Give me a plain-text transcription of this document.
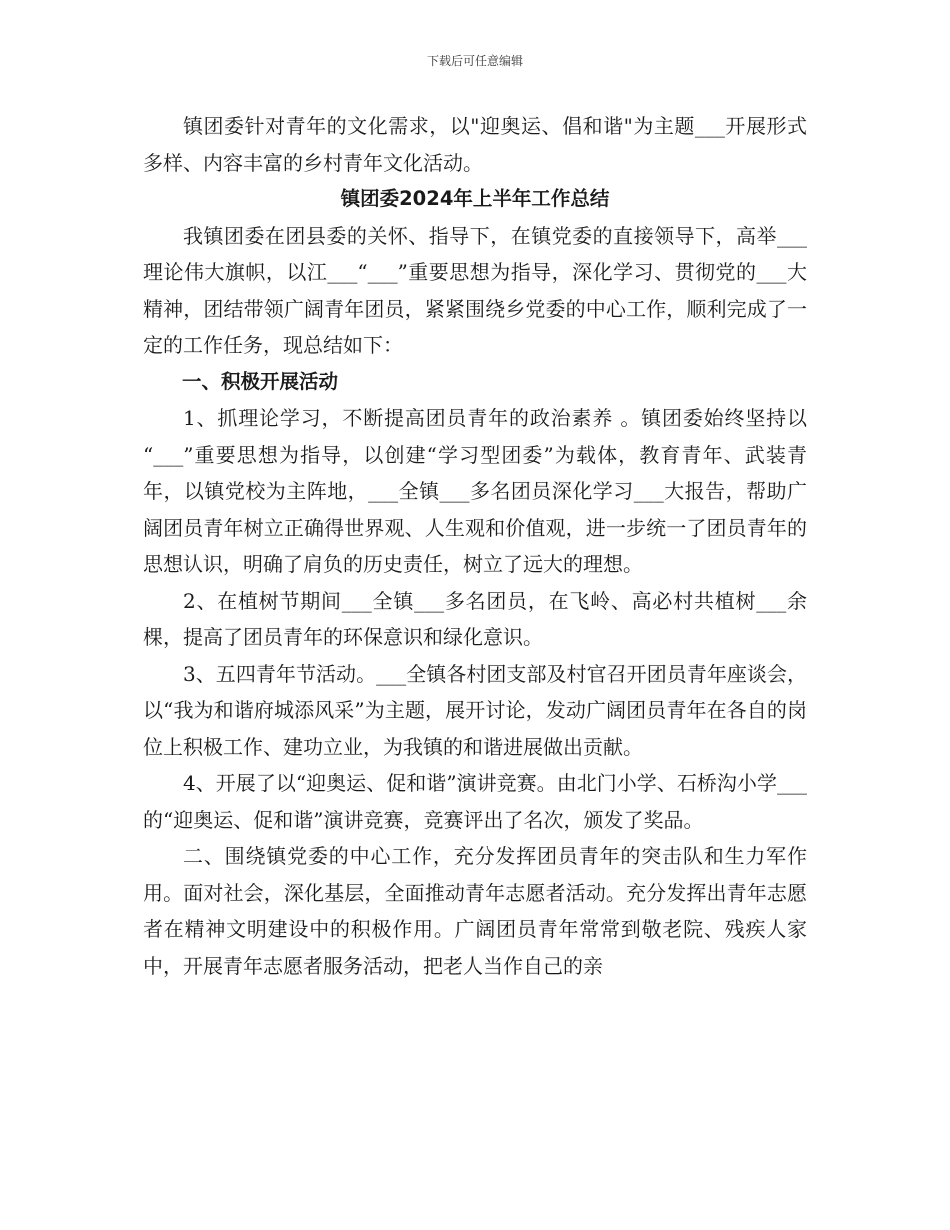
下载后可任意编辑

镇团委针对青年的文化需求，以"迎奥运、倡和谐"为主题___开展形式多样、内容丰富的乡村青年文化活动。

镇团委2024年上半年工作总结

我镇团委在团县委的关怀、指导下，在镇党委的直接领导下，高举___理论伟大旗帜，以江___“___”重要思想为指导，深化学习、贯彻党的___大精神，团结带领广阔青年团员，紧紧围绕乡党委的中心工作，顺利完成了一定的工作任务，现总结如下：

一、积极开展活动

1、抓理论学习，不断提高团员青年的政治素养 。镇团委始终坚持以 “___”重要思想为指导，以创建“学习型团委”为载体，教育青年、武装青年，以镇党校为主阵地，___全镇___多名团员深化学习___大报告，帮助广阔团员青年树立正确得世界观、人生观和价值观，进一步统一了团员青年的思想认识，明确了肩负的历史责任，树立了远大的理想。

2、在植树节期间___全镇___多名团员，在飞岭、高必村共植树___余棵，提高了团员青年的环保意识和绿化意识。

3、五四青年节活动。___全镇各村团支部及村官召开团员青年座谈会，以“我为和谐府城添风采”为主题，展开讨论，发动广阔团员青年在各自的岗位上积极工作、建功立业，为我镇的和谐进展做出贡献。

4、开展了以“迎奥运、促和谐”演讲竞赛。由北门小学、石桥沟小学___的“迎奥运、促和谐”演讲竞赛，竞赛评出了名次，颁发了奖品。

二、围绕镇党委的中心工作，充分发挥团员青年的突击队和生力军作用。面对社会，深化基层，全面推动青年志愿者活动。充分发挥出青年志愿者在精神文明建设中的积极作用。广阔团员青年常常到敬老院、残疾人家中，开展青年志愿者服务活动，把老人当作自己的亲
